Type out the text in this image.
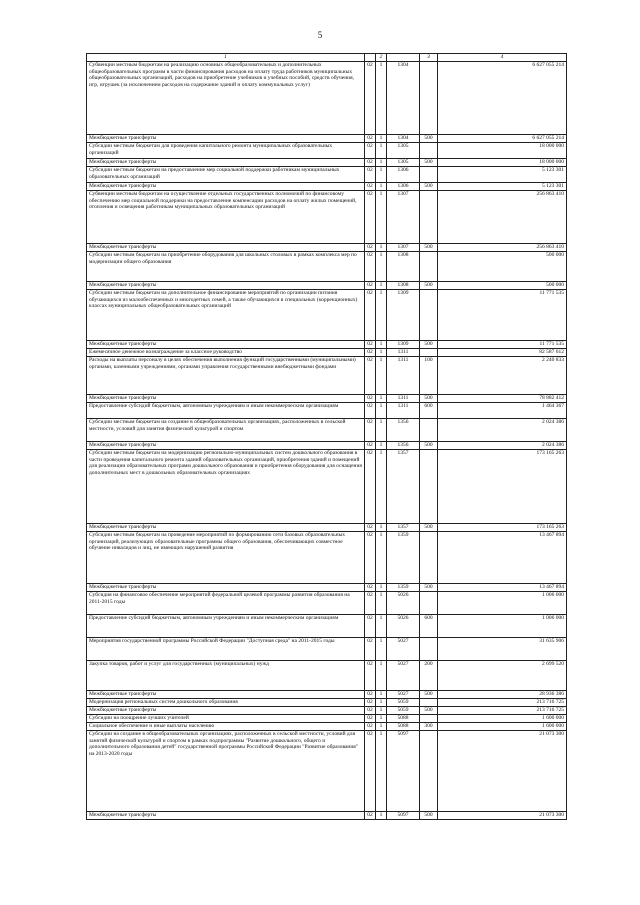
5
1		2		3	4
Субвенции местным бюджетам на реализацию основных общеобразовательных и дополнительных общеобразовательных программ в части финансирования расходов на оплату труда работников муниципальных общеобразовательных организаций, расходов на приобретение учебников и учебных пособий, средств обучения, игр, игрушек (за исключением расходов на содержание зданий и оплату коммунальных услуг)	02	1	1304		6 627 055 214
Межбюджетные трансферты	02	1	1304	500	6 627 055 214
Субсидии местным бюджетам для проведения капитального ремонта муниципальных образовательных организаций	02	1	1305		18 000 000
Межбюджетные трансферты	02	1	1305	500	18 000 000
Субсидии местным бюджетам на предоставление мер социальной поддержки работникам муниципальных образовательных организаций	02	1	1306		5 123 301
Межбюджетные трансферты	02	1	1306	500	5 123 301
Субвенции местным бюджетам на осуществление отдельных государственных полномочий по финансовому обеспечению мер социальной поддержки на предоставление компенсации расходов на оплату жилых помещений, отопления и освещения работникам муниципальных образовательных организаций	02	1	1307		256 863 410
Межбюджетные трансферты	02	1	1307	500	256 863 410
Субсидии местным бюджетам на приобретение оборудования для школьных столовых в рамках комплекса мер по модернизации общего образования	02	1	1308		500 000
Межбюджетные трансферты	02	1	1308	500	500 000
Субсидии местным бюджетам на дополнительное финансирование мероприятий по организации питания обучающихся из малообеспеченных и многодетных семей, а также обучающихся в специальных (коррекционных) классах муниципальных общеобразовательных организаций	02	1	1309		11 771 535
Межбюджетные трансферты	02	1	1309	500	11 771 535
Ежемесячное денежное вознаграждение за классное руководство	02	1	1311		82 587 612
Расходы на выплаты персоналу в целях обеспечения выполнения функций государственными (муниципальными) органами, казенными учреждениями, органами управления государственными внебюджетными фондами	02	1	1311	100	2 240 833
Межбюджетные трансферты	02	1	1311	500	78 882 412
Предоставление субсидий бюджетным, автономным учреждениям и иным некоммерческим организациям	02	1	1311	600	1 464 367
Субсидии местным бюджетам на создание в общеобразовательных организациях, расположенных в сельской местности, условий для занятия физической культурой и спортом	02	1	1356		2 024 386
Межбюджетные трансферты	02	1	1356	500	2 024 386
Субсидии местным бюджетам на модернизацию регионально-муниципальных систем дошкольного образования в части проведения капитального ремонта зданий образовательных организаций, приобретения зданий и помещений для реализации образовательных программ дошкольного образования и приобретения оборудования для оснащения дополнительных мест в дошкольных образовательных организациях	02	1	1357		173 165 263
Межбюджетные трансферты	02	1	1357	500	173 165 263
Субсидии местным бюджетам на проведение мероприятий по формированию сети базовых образовательных организаций, реализующих образовательные программы общего образования, обеспечивающих совместное обучение инвалидов и лиц, не имеющих нарушений развития	02	1	1359		13 467 894
Межбюджетные трансферты	02	1	1359	500	13 467 894
Субсидия на финансовое обеспечение мероприятий федеральной целевой программы развития образования на 2011-2015 годы	02	1	5026		1 006 000
Предоставление субсидий бюджетным, автономным учреждениям и иным некоммерческим организациям	02	1	5026	600	1 006 000
Мероприятия государственной программы Российской Федерации "Доступная среда" на 2011-2015 годы	02	1	5027		31 635 906
Закупка товаров, работ и услуг для государственных (муниципальных) нужд	02	1	5027	200	2 699 520
Межбюджетные трансферты	02	1	5027	500	28 936 386
Модернизация региональных систем дошкольного образования	02	1	5059		213 716 725
Межбюджетные трансферты	02	1	5059	500	213 716 725
Субсидии на поощрение лучших учителей	02	1	5088		1 600 000
Социальное обеспечение и иные выплаты населению	02	1	5088	300	1 600 000
Субсидии на создание в общеобразовательных организациях, расположенных в сельской местности, условий для занятий физической культурой и спортом в рамках подпрограммы "Развитие дошкольного, общего и дополнительного образования детей" государственной программы Российской Федерации "Развитие образования" на 2013-2020 годы	02	1	5097		21 073 300
Межбюджетные трансферты	02	1	5097	500	21 073 300
